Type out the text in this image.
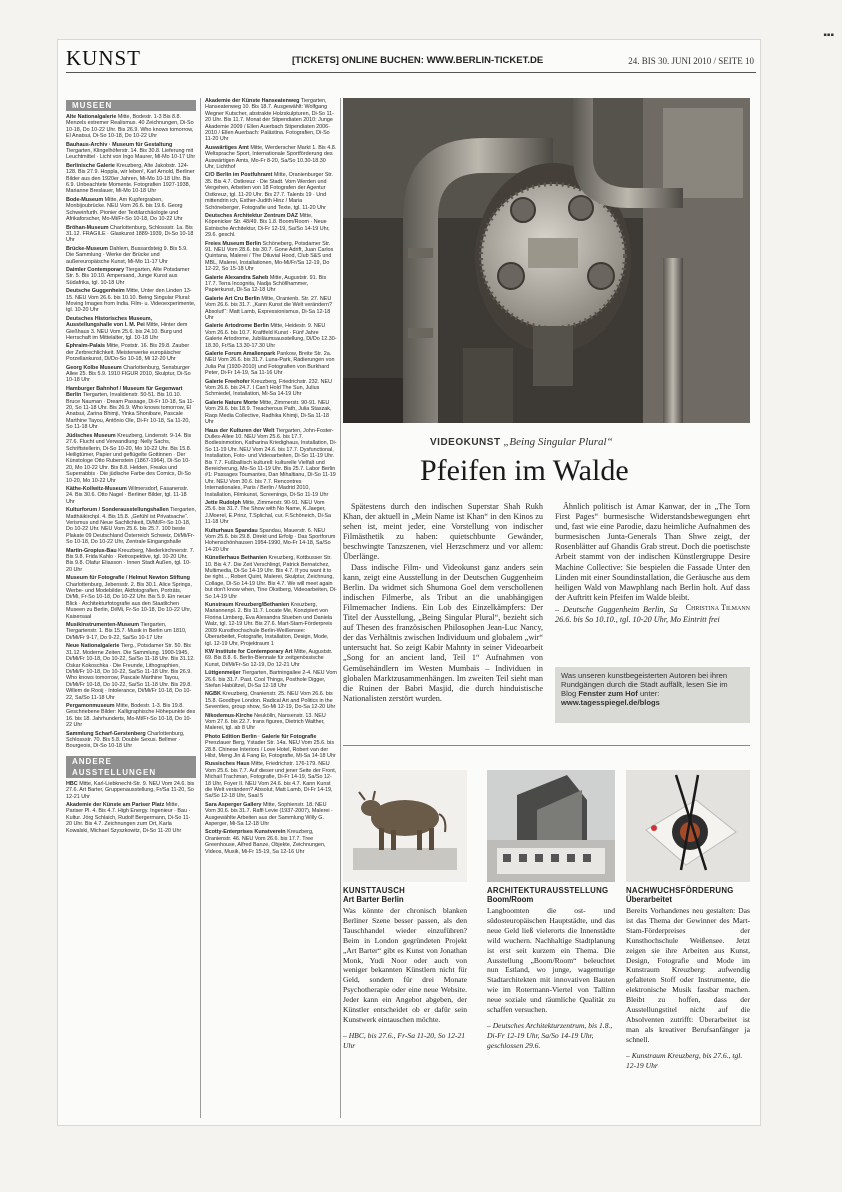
KUNST	[TICKETS] ONLINE BUCHEN: WWW.BERLIN-TICKET.DE	24. BIS 30. JUNI 2010 / SEITE 10
MUSEEN
Alte Nationalgalerie Mitte, Bodestr. 1-3 Bis 8.8. Menzels extremer Realismus. 40 Zeichnungen, Di-So 10-18, Do 10-22 Uhr. Bis 26.9. Who knows tomorrow, El Anatsui, Di-So 10-18, Do 10-22 Uhr
Bauhaus-Archiv · Museum für Gestaltung Tiergarten, Klingelhöferstr. 14. Bis 30.8. Lieferung mit Leuchtmittel · Licht von Ingo Maurer, Mi-Mo 10-17 Uhr
Berlinische Galerie Kreuzberg, Alte Jakobstr. 124-128. Bis 27.9. Hoppla, wir leben!, Karl Arnold, Berliner Bilder aus den 1920er Jahren, Mi-Mo 10-18 Uhr. Bis 6.9. Unbeachtete Momente. Fotografien 1927-1938, Marianne Breslauer, Mi-Mo 10-18 Uhr
Bode-Museum Mitte, Am Kupfergraben, Monbijoubrücke. NEU Vom 26.6. bis 19.6. Georg Schweinfurth. Pionier der Textilarchäologie und Afrikaforscher, Mo-Mi/Fr-So 10-18, Do 10-22 Uhr
Bröhan-Museum Charlottenburg, Schlossstr. 1a. Bis 31.12. FRAGILE · Glaskunst 1889-1939, Di-So 10-18 Uhr
Brücke-Museum Dahlem, Bussardsteig 9. Bis 5.9. Die Sammlung · Werke der Brücke und außereuropäische Kunst, Mi-Mo 11-17 Uhr
Daimler Contemporary Tiergarten, Alte Potsdamer Str. 5. Bis 10.10. Ampersand, Junge Kunst aus Südafrika, tgl. 10-18 Uhr
Deutsche Guggenheim Mitte, Unter den Linden 13-15. NEU Vom 26.6. bis 10.10. Being Singular Plural: Moving Images from India. Film- u. Videoexperimente, tgl. 10-20 Uhr
Deutsches Historisches Museum, Ausstellungshalle von I. M. Pei Mitte, Hinter dem Gießhaus 3. NEU Vom 25.6. bis 24.10. Burg und Herrschaft im Mittelalter, tgl. 10-18 Uhr
Ephraim-Palais Mitte, Poststr. 16. Bis 29.8. Zauber der Zerbrechlichkeit. Meisterwerke europäischer Porzellankunst, Di/Do-So 10-18, Mi 12-20 Uhr
Georg Kolbe Museum Charlottenburg, Sensburger Allee 25. Bis 5.9. 1910 FIGUR 2010, Skulptur, Di-So 10-18 Uhr
Hamburger Bahnhof / Museum für Gegenwart Berlin Tiergarten, Invalidenstr. 50-51. Bis 10.10. Bruce Nauman · Dream Passage, Di-Fr 10-18, Sa 11-20, So 11-18 Uhr. Bis 26.9. Who knows tomorrow, El Anatsui, Zarina Bhimji, Yinka Shonibare, Pascale Marthine Tayou, Antônio Ole, Di-Fr 10-18, Sa 11-20, So 11-18 Uhr
Jüdisches Museum Kreuzberg, Lindenstr. 9-14. Bis 27.6. Flucht und Verwandlung: Nelly Sachs, Schriftstellerin, Di-So 10-20, Mo 10-22 Uhr. Bis 15.8. Heiligtümer, Papier und geflügelte Gottinnen · Der Künstologe Otto Rubenstein (1867-1964), Di-So 10-20, Mo 10-22 Uhr. Bis 8.8. Helden, Freaks und Superrabbis · Die jüdische Farbe des Comics, Di-So 10-20, Mo 10-22 Uhr
Käthe-Kollwitz-Museum Wilmersdorf, Fasanenstr. 24. Bis 30.6. Otto Nagel · Berliner Bilder, tgl. 11-18 Uhr
Kulturforum / Sonderausstellungshallen Tiergarten, Matthäikirchpl. 4. Bis 15.8. „Gefühl ist Privatsache“. Verismus und Neue Sachlichkeit, Di/Mi/Fr-So 10-18, Do 10-22 Uhr. NEU Vom 25.6. bis 25.7. 100 beste Plakate 09 Deutschland Österreich Schweiz, Di/Mi/Fr-So 10-18, Do 10-22 Uhr, Zentrale Eingangshalle
Martin-Gropius-Bau Kreuzberg, Niederkirchnerstr. 7. Bis 9.8. Frida Kahlo · Retrospektive, tgl. 10-20 Uhr. Bis 9.8. Olafur Eliasson · Innen Stadt Außen, tgl. 10-20 Uhr
Museum für Fotografie / Helmut Newton Stiftung Charlottenburg, Jebensstr. 2. Bis 30.1. Alice Springs, Werbe- und Modebilder, Aktfotografien, Porträts, Di/Mi, Fr-So 10-18, Do 10-22 Uhr. Bis 5.9. Ein neuer Blick · Architekturfotografie aus den Staatlichen Museen zu Berlin, Di/Mi, Fr-So 10-18, Do 10-22 Uhr, Kaisersaal
Musikinstrumenten-Museum Tiergarten, Tiergartenstr. 1. Bis 15.7. Musik in Berlin um 1810, Di/Mi/Fr 9-17, Do 9-22, Sa/So 10-17 Uhr
Neue Nationalgalerie Tierg., Potsdamer Str. 50. Bis 31.12. Moderne Zeiten. Die Sammlung. 1900-1945, Di/Mi/Fr 10-18, Do 10-22, Sa/So 11-18 Uhr. Bis 31.12. Oskar Kokoschka · Die Freunde, Lithographien, Di/Mi/Fr 10-18, Do 10-22, Sa/So 11-18 Uhr. Bis 26.9. Who knows tomorrow, Pascale Marthine Tayou, Di/Mi/Fr 10-18, Do 10-22, Sa/So 11-18 Uhr. Bis 29.8. Willem de Rooij · Intolerance, Di/Mi/Fr 10-18, Do 10-22, Sa/So 11-18 Uhr
Pergamonmuseum Mitte, Bodestr. 1-3. Bis 19.8. Geschriebene Bilder: Kalligraphische Höhepunkte des 16. bis 18. Jahrhunderts, Mo-Mi/Fr-So 10-18, Do 10-22 Uhr
Sammlung Scharf-Gerstenberg Charlottenburg, Schlossstr. 70. Bis 5.8. Double Sexus. Bellmer · Bourgeois, Di-So 10-18 Uhr
ANDERE AUSSTELLUNGEN
HBC Mitte, Karl-Liebknecht-Str. 9. NEU Vom 24.6. bis 27.6. Art Barter, Gruppenausstellung, Fr/Sa 11-20, So 12-21 Uhr
Akademie der Künste am Pariser Platz Mitte, Pariser Pl. 4. Bis 4.7. High Energy. Ingenieur · Bau · Kultur. Jörg Schlaich, Rudolf Bergermann, Di-So 11-20 Uhr. Bis 4.7. Zeichnungen zum Ort, Karla Kowalski, Michael Szyszkowitz, Di-So 11-20 Uhr
Akademie der Künste Hanseatenweg Tiergarten, Hanseatenweg 10. Bis 18.7. Ausgewählt: Wolfgang Wegner Kutscher, abstrakte Holzskulpturen, Di-So 11-20 Uhr. Bis 11.7. Monat der Stipendiaten 2010: Junge Akademie 2009 / Ellen Auerbach Stipendiaten 2006-2010 / Ellen Auerbach: Palästina. Fotografien, Di-So 11-20 Uhr
Auswärtiges Amt Mitte, Werderscher Markt 1. Bis 4.8. Weltsprache Sport, Internationale Sportförderung des Auswärtigen Amts, Mo-Fr 8-20, Sa/So 10.30-18.30 Uhr, Lichthof
C/O Berlin im Postfuhramt Mitte, Oranienburger Str. 35. Bis 4.7. Ostkreuz · Die Stadt. Vom Werden und Vergehen, Arbeiten von 18 Fotografen der Agentur Ostkreuz, tgl. 11-20 Uhr. Bis 27.7. Talents 19 · Und mittendrin ich, Esther-Judith Hinz / Maria Schöneberger, Fotografie und Texte, tgl. 11-20 Uhr
Deutsches Architektur Zentrum DAZ Mitte, Köpenicker Str. 48/49. Bis 1.8. Boom/Room · Neue Estnische Architektur, Di-Fr 12-19, Sa/So 14-19 Uhr, 29.6. geschl.
Freies Museum Berlin Schöneberg, Potsdamer Str. 91. NEU Vom 28.6. bis 30.7. Gone Adrift, Juan Carlos Quintana, Malerei / The Diluvial Hood, Club S&S und MBL, Malerei, Installationen, Mo-Mi/Fr/Sa 12-19, Do 12-22, So 15-18 Uhr
Galerie Alexandra Saheb Mitte, Auguststr. 91. Bis 17.7. Terra Incognita, Nadja Schöllhammer, Papierkunst, Di-Sa 12-18 Uhr
Galerie Art Cru Berlin Mitte, Oranienb. Str. 27. NEU Vom 26.6. bis 31.7. „Kann Kunst die Welt verändern? Absolut!“: Matt Lamb, Expressionismus, Di-Sa 12-18 Uhr
Galerie Artodrome Berlin Mitte, Heidestr. 9. NEU Vom 26.6. bis 10.7. Kraftfeld Kunst · Fünf Jahre Galerie Artodrome, Jubiläumsausstellung, Di/Do 12.30-18.30, Fr/Sa 13.30-17.30 Uhr
Galerie Forum Amalienpark Pankow, Breite Str. 2a. NEU Vom 26.6. bis 31.7. Luna-Park, Radierungen von Julia Pai (1930-2010) und Fotografien von Burkhard Peter, Di-Fr 14-19, Sa 11-16 Uhr
Galerie Freehofer Kreuzberg, Friedrichstr. 232. NEU Vom 26.6. bis 24.7. I Can’t Hold The Sun, Julius Schmiedel, Installation, Mi-Sa 14-19 Uhr
Galerie Nature Morte Mitte, Zimmerstr. 90-91. NEU Vom 29.6. bis 18.9. Treacherous Path, Julia Staszak, Raqs Media Collective, Radhika Khimji, Di-Sa 11-18 Uhr
Haus der Kulturen der Welt Tiergarten, John-Foster-Dulles-Allee 10. NEU Vom 25.6. bis 17.7. Bodiesinmotion, Katharina Kriedighaus, Installation, Di-So 11-19 Uhr. NEU Vom 24.6. bis 17.7. Dysfunctional, Installation, Foto- und Videoarbeiten, Di-So 11-19 Uhr. Bis 7.7. Fußballisch kulturell: kulturelle Vielfalt und Bereicherung, Mo-So 11-19 Uhr. Bis 25.7. Labor Berlin #1: Passages Toumantes, Dan Mihaltianu, Di-So 11-19 Uhr. NEU Vom 30.6. bis 7.7. Rencontres Internationales, Paris / Berlin / Madrid 2010, Installation, Filmkunst, Screenings, Di-So 11-19 Uhr
Jette Rudolph Mitte, Zimmerstr. 90-91. NEU Vom 25.6. bis 31.7. The Show with No Name, K.Jaeger, J.Moerel, E.Prinz, T.Splichal, cur. F.Schöneich, Di-Sa 11-18 Uhr
Kulturhaus Spandau Spandau, Mauerstr. 6. NEU Vom 25.6. bis 29.8. Direkt und Erfolg · Das Sportforum Hohenschönhausen 1954-1990, Mo-Fr 14-18, Sa/So 14-20 Uhr
Künstlerhaus Bethanien Kreuzberg, Kottbusser Str. 10. Bis 4.7. Die Zeit Verschlingt, Patrick Bernatchez, Multimedia, Di-So 14-19 Uhr. Bis 4.7. If you want it to be right..., Robert Quint, Malerei, Skulptur, Zeichnung, Collage, Di-So 14-19 Uhr. Bis 4.7. We will meet again but don’t know when, Tine Okstberg, Videoarbeiten, Di-So 14-19 Uhr
Kunstraum Kreuzberg/Bethanien Kreuzberg, Mariannenpl. 2. Bis 11.7. Locate Me, Konzipiert von Florina Limberg, Eva Alexandra Stueben und Daniela Walz, tgl. 12-19 Uhr. Bis 27.6. Mart-Stam-Förderpreis 2009 Kunsthochschule Berlin-Weißensee: Überarbeitet, Fotografie, Installation, Design, Mode, tgl. 12-19 Uhr, Projektraum 1
KW Institute for Contemporary Art Mitte, Auguststr. 69. Bis 8.8. 6. Berlin-Biennale für zeitgenössische Kunst, Di/Mi/Fr-So 12-19, Do 12-21 Uhr
Lüttgenmeijer Tiergarten, Bartningallee 2-4. NEU Vom 26.6. bis 31.7. Past. Cool Things, Posthole Digger, Stefan Habültzel, Di-Sa 12-18 Uhr
NGBK Kreuzberg, Oranienstr. 25. NEU Vom 26.6. bis 15.8. Goodbye London. Radical Art and Politics in the Seventies, group show, So-Mi 12-19, Do-Sa 12-20 Uhr
Nikodemus-Kirche Neukölln, Nansenstr. 13. NEU Vom 27.6. bis 22.7. trans figures, Dietrich Walther, Malerei, tgl. ab 8 Uhr
Photo Edition Berlin · Galerie für Fotografie Prenzlauer Berg, Ystader Str. 14a. NEU Vom 25.6. bis 28.8. Chinese Interiors / Love Hotel, Robert van der Hilst, Meng Jin & Fang Er, Fotografie, Mi-Sa 14-18 Uhr
Russisches Haus Mitte, Friedrichstr. 176-179. NEU Vom 25.6. bis 7.7. Auf dieser und jener Seite der Front, Michail Trachman, Fotografie, Di-Fr 14-19, Sa/So 12-18 Uhr, Foyer II. NEU Vom 24.6. bis 4.7. Kann Kunst die Welt verändern? Absolut, Matt Lamb, Di-Fr 14-19, Sa/So 12-18 Uhr, Saal 5
Sara Asperger Gallery Mitte, Sophienstr. 18. NEU Vom 30.6. bis 31.7. Raffi Levie (1937-2007), Malerei · Ausgewählte Arbeiten aus der Sammlung Willy G. Asperger, Mi-Sa 12-18 Uhr
Scotty-Enterprises Kunstverein Kreuzberg, Oranienstr. 46. NEU Vom 26.6. bis 17.7. Tree Greenhouse, Alfred Banze, Objekte, Zeichnungen, Videos, Musik, Mi-Fr 15-19, Sa 12-16 Uhr
VIDEOKUNST „Being Singular Plural“
Pfeifen im Walde

Spätestens durch den indischen Superstar Shah Rukh Khan, der aktuell in „Mein Name ist Khan“ in den Kinos zu sehen ist, meint jeder, eine Vorstellung von indischer Filmästhetik zu haben: quietschbunte Gewänder, beschwingte Tanzszenen, viel Herzschmerz und vor allem: Überlänge.

Dass indische Film- und Videokunst ganz anders sein kann, zeigt eine Ausstellung in der Deutschen Guggenheim Berlin. Da widmet sich Shumona Goel dem verschollenen indischen Filmerbe, als Tribut an die unabhängigen Filmemacher Indiens. Ein Lob des Einzelkämpfers: Der Titel der Ausstellung, „Being Singular Plural“, bezieht sich auf Thesen des französischen Philosophen Jean-Luc Nancy, der das Verhältnis zwischen Individuum und globalem „wir“ untersucht hat. So zeigt Kabir Mahnty in seiner Videoarbeit „Song for an ancient land, Teil 1“ Aufnahmen von Gemüsehändlern im Westen Mumbais – Individuen in globalen Marktzusammenhängen. Im zweiten Teil sieht man die Ruinen der Babri Masjid, die durch hinduistische Nationalisten zerstört wurden.

Ähnlich politisch ist Amar Kanwar, der in „The Torn First Pages“ burmesische Widerstandsbewegungen ehrt und, fast wie eine Parodie, dazu heimliche Aufnahmen des burmesischen Junta-Generals Than Shwe zeigt, der Rosenblätter auf Ghandis Grab streut. Doch die poetischste Arbeit stammt von der indischen Künstlergruppe Desire Machine Collective: Sie bespielen die Fassade Unter den Linden mit einer Soundinstallation, die Geräusche aus dem heiligen Wald von Mawphlang nach Berlin holt. Auf dass der Auftritt kein Pfeifen im Walde bleibt.
Christina Tilmann

– Deutsche Guggenheim Berlin, Sa 26.6. bis So 10.10., tgl. 10-20 Uhr, Mo Eintritt frei

Was unseren kunstbegeisterten Autoren bei ihren Rundgängen durch die Stadt auffällt, lesen Sie im Blog Fenster zum Hof unter:
www.tagesspiegel.de/blogs
KUNSTTAUSCH
Art Barter Berlin
Was könnte der chronisch blanken Berliner Szene besser passen, als den Tauschhandel wieder einzuführen? Beim in London gegründeten Projekt „Art Barter“ gibt es Kunst von Jonathan Monk, Yudi Noor oder auch von weniger bekannten Künstlern nicht für Geld, sondern für drei Monate Psychotherapie oder eine neue Website. Jeder kann ein Angebot abgeben, der Künstler entscheidet ob er dafür sein Kunstwerk eintauschen möchte.
– HBC, bis 27.6., Fr-Sa 11-20, So 12-21 Uhr
ARCHITEKTURAUSSTELLUNG
Boom/Room
Langboomten die ost- und südosteuropäischen Hauptstädte, und das neue Geld ließ vielerorts die Innenstädte wild wuchern. Nachhaltige Stadtplanung ist erst seit kurzem ein Thema. Die Ausstellung „Boom/Room“ beleuchtet nun Estland, wo junge, wagemutige Stadtarchitekten mit innovativen Bauten wie im Rotermann-Viertel von Tallinn neue soziale und räumliche Qualität zu schaffen versuchen.
– Deutsches Architekturzentrum, bis 1.8., Di-Fr 12-19 Uhr, Sa/So 14-19 Uhr, geschlossen 29.6.
NACHWUCHSFÖRDERUNG
Überarbeitet
Bereits Vorhandenes neu gestalten: Das ist das Thema der Gewinner des Mart-Stam-Förderpreises der Kunsthochschule Weißensee. Jetzt zeigen sie ihre Arbeiten aus Kunst, Design, Fotografie und Mode im Kunstraum Kreuzberg: aufwendig gefalteten Stoff oder Instrumente, die elektronische Musik fassbar machen. Bleibt zu hoffen, dass der Ausstellungstitel nicht auf die Absolventen zutrifft: Überarbeitet ist man als kreativer Berufsanfänger ja schnell.
– Kunstraum Kreuzberg, bis 27.6., tgl. 12-19 Uhr
▪▪▪
